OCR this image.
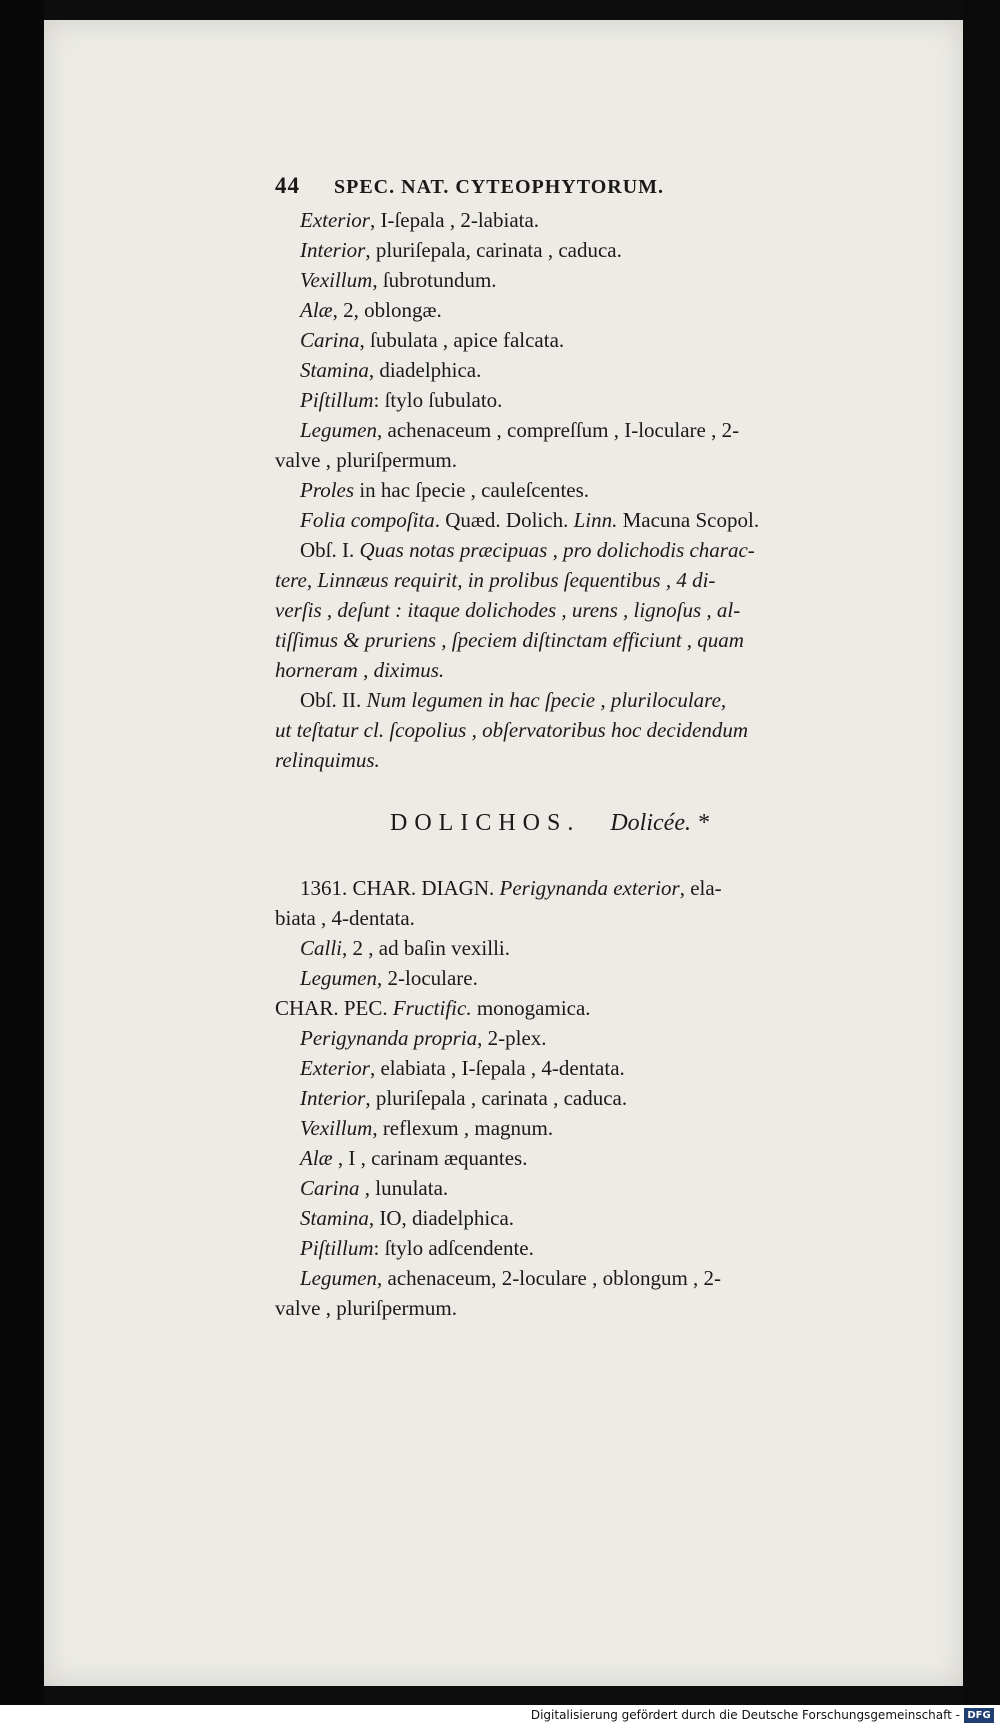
44 SPEC. NAT. CYTEOPHYTORUM.
Exterior, I-ſepala , 2-labiata.
Interior, pluriſepala, carinata , caduca.
Vexillum, ſubrotundum.
Alæ, 2, oblongæ.
Carina, ſubulata , apice falcata.
Stamina, diadelphica.
Piſtillum: ſtylo ſubulato.
Legumen, achenaceum , compreſſum , I-loculare , 2-
valve , pluriſpermum.
Proles in hac ſpecie , cauleſcentes.
Folia compoſita. Quæd. Dolich. Linn. Macuna Scopol.
Obſ. I. Quas notas præcipuas , pro dolichodis charac-
tere, Linnæus requirit, in prolibus ſequentibus , 4 di-
verſis , deſunt : itaque dolichodes , urens , lignoſus , al-
tiſſimus & pruriens , ſpeciem diſtinctam efficiunt , quam
horneram , diximus.
Obſ. II. Num legumen in hac ſpecie , pluriloculare,
ut teſtatur cl. ſcopolius , obſervatoribus hoc decidendum
relinquimus.
1361. CHAR. DIAGN. Perigynanda exterior, ela-
biata , 4-dentata.
Calli, 2 , ad baſin vexilli.
Legumen, 2-loculare.
CHAR. PEC. Fructific. monogamica.
Perigynanda propria, 2-plex.
Exterior, elabiata , I-ſepala , 4-dentata.
Interior, pluriſepala , carinata , caduca.
Vexillum, reflexum , magnum.
Alæ , I , carinam æquantes.
Carina , lunulata.
Stamina, IO, diadelphica.
Piſtillum: ſtylo adſcendente.
Legumen, achenaceum, 2-loculare , oblongum , 2-
valve , pluriſpermum.
DOLICHOS. Dolicée. *
Digitalisierung gefördert durch die Deutsche Forschungsgemeinschaft - DFG
